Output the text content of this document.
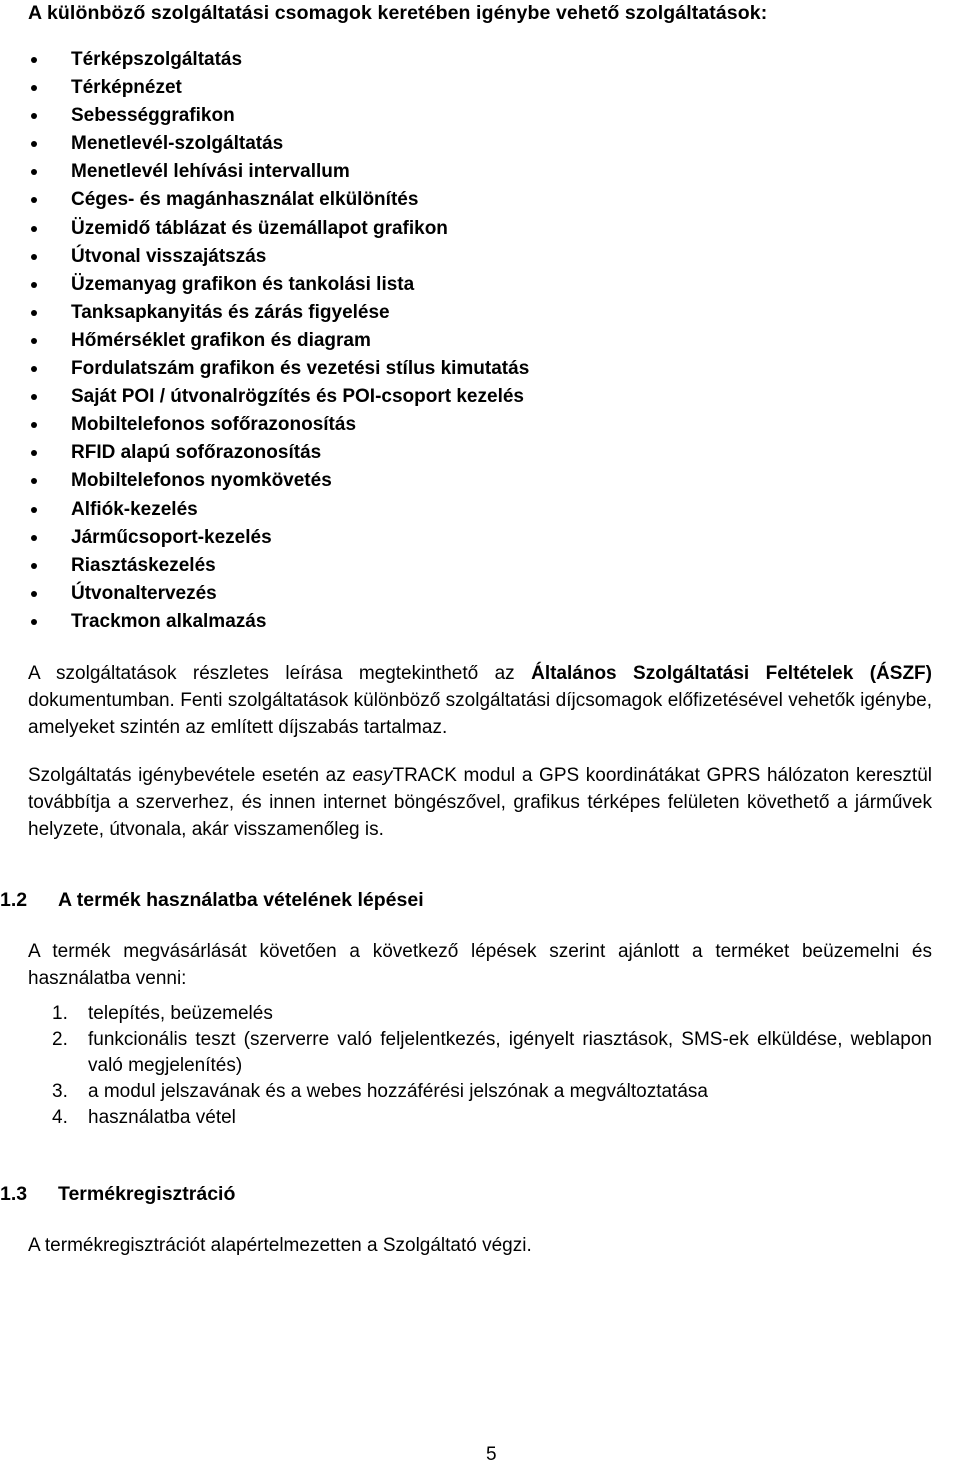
A különböző szolgáltatási csomagok keretében igénybe vehető szolgáltatások:
Térképszolgáltatás
Térképnézet
Sebességgrafikon
Menetlevél-szolgáltatás
Menetlevél lehívási intervallum
Céges- és magánhasználat elkülönítés
Üzemidő táblázat és üzemállapot grafikon
Útvonal visszajátszás
Üzemanyag grafikon és tankolási lista
Tanksapkanyitás és zárás figyelése
Hőmérséklet grafikon és diagram
Fordulatszám grafikon és vezetési stílus kimutatás
Saját POI / útvonalrögzítés és POI-csoport kezelés
Mobiltelefonos sofőrazonosítás
RFID alapú sofőrazonosítás
Mobiltelefonos nyomkövetés
Alfiók-kezelés
Járműcsoport-kezelés
Riasztáskezelés
Útvonaltervezés
Trackmon alkalmazás

A szolgáltatások részletes leírása megtekinthető az Általános Szolgáltatási Feltételek (ÁSZF) dokumentumban. Fenti szolgáltatások különböző szolgáltatási díjcsomagok előfizetésével vehetők igénybe, amelyeket szintén az említett díjszabás tartalmaz.

Szolgáltatás igénybevétele esetén az easyTRACK modul a GPS koordinátákat GPRS hálózaton keresztül továbbítja a szerverhez, és innen internet böngészővel, grafikus térképes felületen követhető a járművek helyzete, útvonala, akár visszamenőleg is.

1.2 A termék használatba vételének lépései

A termék megvásárlását követően a következő lépések szerint ajánlott a terméket beüzemelni és használatba venni:

1. telepítés, beüzemelés
2. funkcionális teszt (szerverre való feljelentkezés, igényelt riasztások, SMS-ek elküldése, weblapon való megjelenítés)
3. a modul jelszavának és a webes hozzáférési jelszónak a megváltoztatása
4. használatba vétel
1.3 Termékregisztráció

A termékregisztrációt alapértelmezetten a Szolgáltató végzi.

5
